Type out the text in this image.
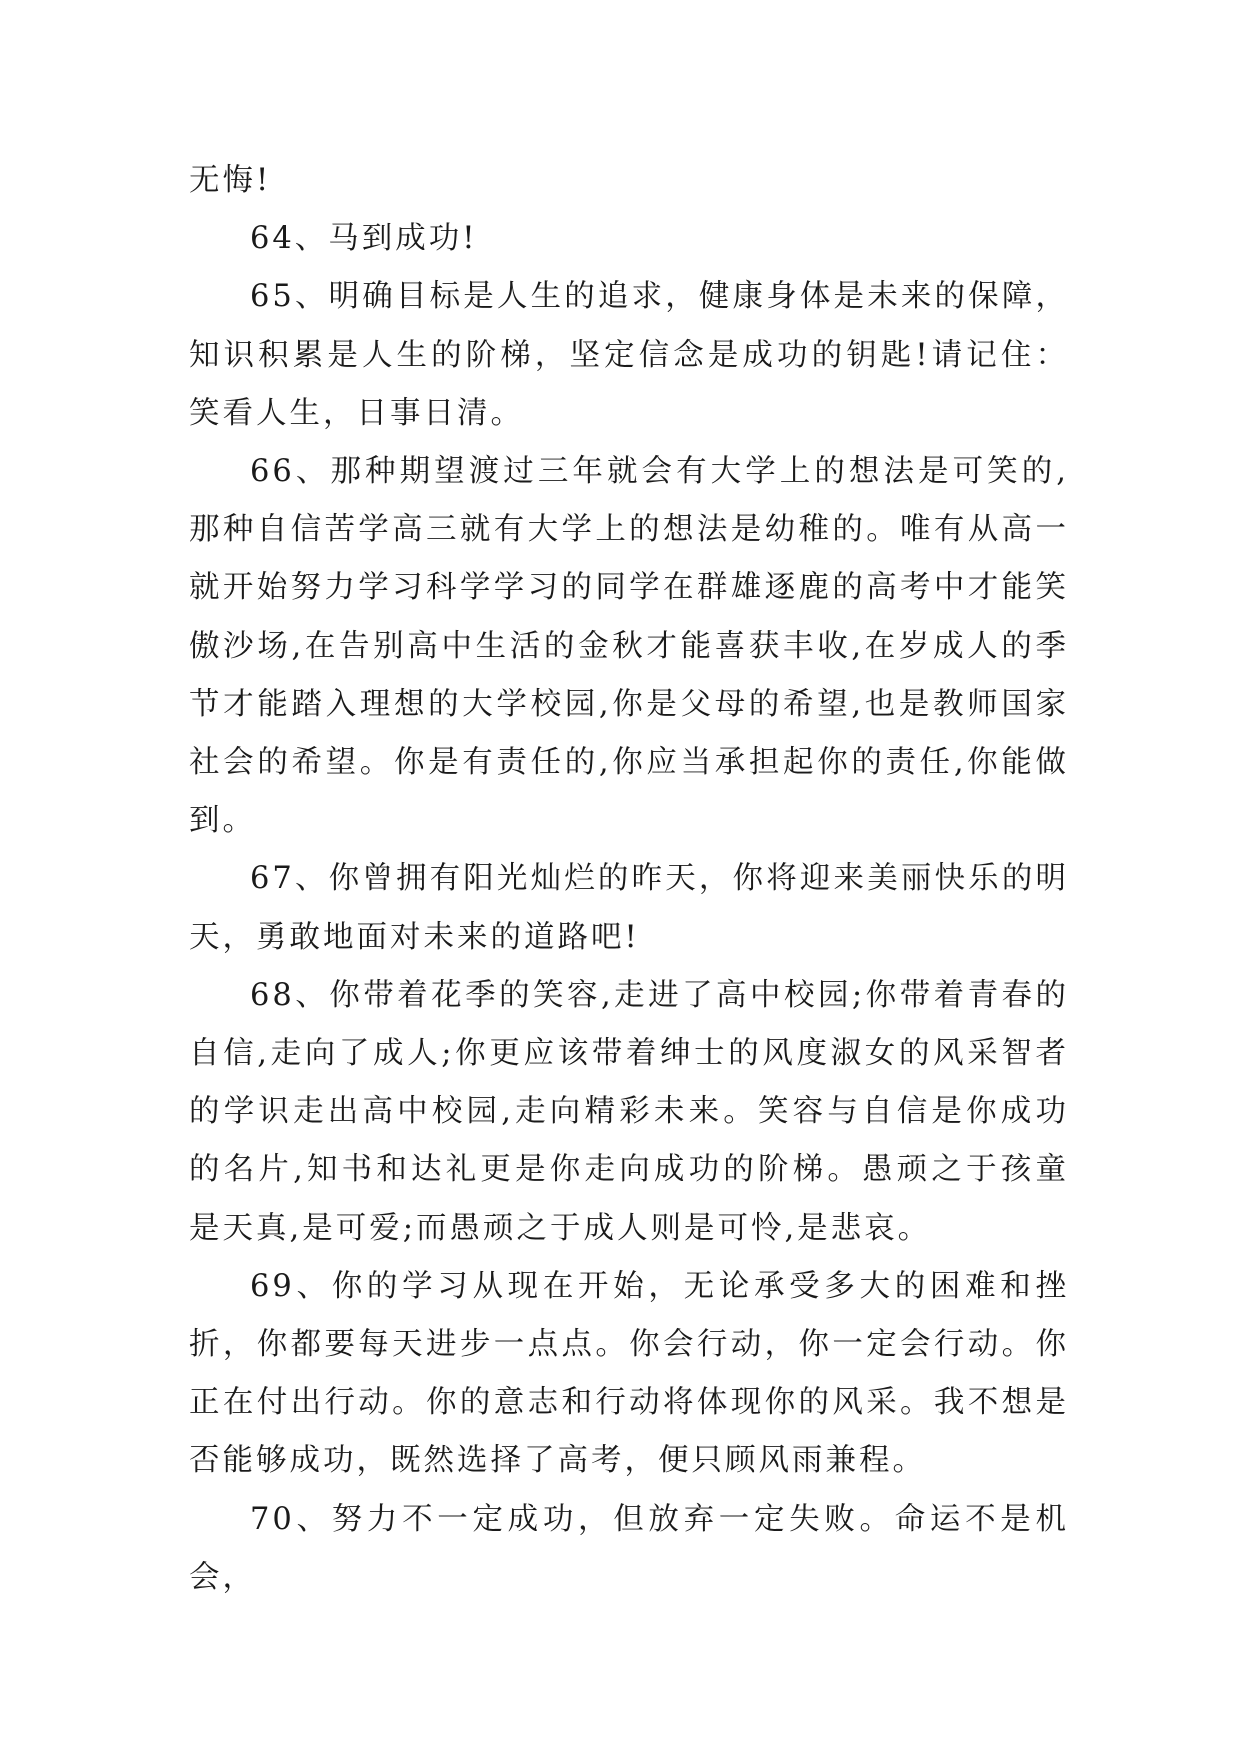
无悔!

64、马到成功!

65、明确目标是人生的追求，健康身体是未来的保障，知识积累是人生的阶梯，坚定信念是成功的钥匙!请记住：笑看人生，日事日清。

66、那种期望渡过三年就会有大学上的想法是可笑的,那种自信苦学高三就有大学上的想法是幼稚的。唯有从高一就开始努力学习科学学习的同学在群雄逐鹿的高考中才能笑傲沙场,在告别高中生活的金秋才能喜获丰收,在岁成人的季节才能踏入理想的大学校园,你是父母的希望,也是教师国家社会的希望。你是有责任的,你应当承担起你的责任,你能做到。

67、你曾拥有阳光灿烂的昨天，你将迎来美丽快乐的明天，勇敢地面对未来的道路吧!

68、你带着花季的笑容,走进了高中校园;你带着青春的自信,走向了成人;你更应该带着绅士的风度淑女的风采智者的学识走出高中校园,走向精彩未来。笑容与自信是你成功的名片,知书和达礼更是你走向成功的阶梯。愚顽之于孩童是天真,是可爱;而愚顽之于成人则是可怜,是悲哀。

69、你的学习从现在开始，无论承受多大的困难和挫折，你都要每天进步一点点。你会行动，你一定会行动。你正在付出行动。你的意志和行动将体现你的风采。我不想是否能够成功，既然选择了高考，便只顾风雨兼程。

70、努力不一定成功，但放弃一定失败。命运不是机会，
